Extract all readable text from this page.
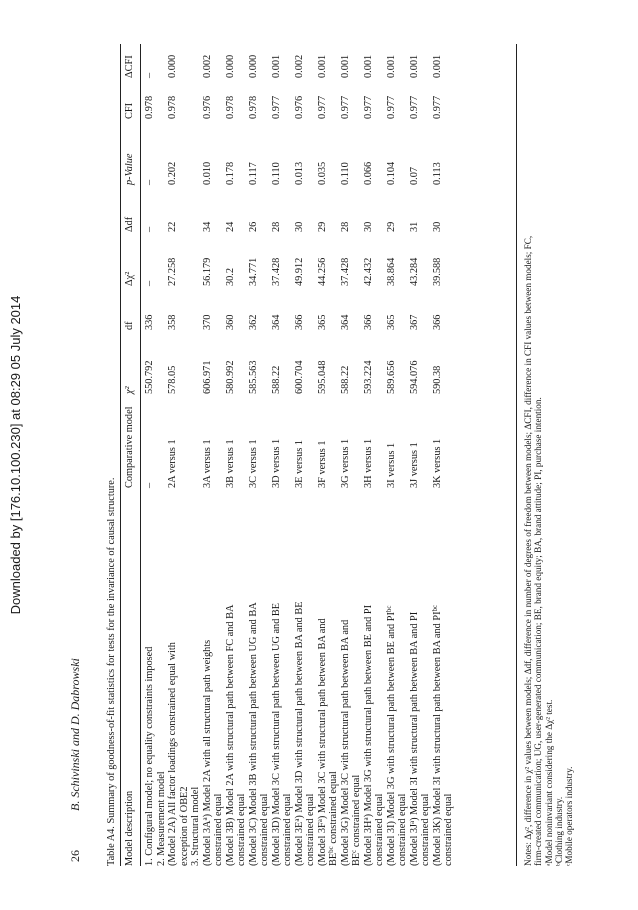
Downloaded by [176.10.100.230] at 08:29 05 July 2014
26
B. Schivinski and D. Dabrowski Table A4. Summary of goodness-of-fit statistics for tests for the invariance of causal structure. Model description
Comparative model
χ²
df
Δχ²
Δdf
p-Value
CFI
ΔCFI
1. Configural model; no equality constraints imposed
–
550.792
336
–
–
–
0.978
–
2. Measurement model (Model 2A) All factor loadings constrained equal with exception of OBE2
2A versus 1
578.05
358
27.258
22
0.202
0.978
0.000
3. Structural model (Model $3A^a$) Model 2A with all structural path weights
constrained equal
3A versus 1
606.971
370
56.179
34
0.010
0.976
0.002
(Model 3B) Model 2A with structural path between FC and BA constrained equal
3B versus 1
580.992
360
30.2
24
0.178
0.978
0.000
(Model 3C) Model 3B with structural path between UG and BA constrained equal
3C versus 1
585.563
362
34.771
26
0.117
0.978
0.000
(Model 3D) Model 3C with structural path between UG and BE constrained equal
3D versus 1
588.22
364
37.428
28
0.110
0.977
0.001
(Model $3E^a$) Model 3D with structural path between BA and BE
constrained equal
3E versus 1
600.704
366
49.912
30
0.013
0.976
0.002
(Model $3F^a$) Model 3C with structural path between BA and
$BE^{bc}$ constrained equal
3F versus 1
595.048
365
44.256
29
0.035
0.977
0.001
(Model 3G) Model 3C with structural path between BA and $BE^c$ constrained equal
3G versus 1
588.22
364
37.428
28
0.110
0.977
0.001
(Model $3H^a$) Model 3G with structural path between BE and PI
constrained equal
3H versus 1
593.224
366
42.432
30
0.066
0.977
0.001
(Model 3I) Model 3G with structural path between BE and $PI^{bc}$
constrained equal
3I versus 1
589.656
365
38.864
29
0.104
0.977
0.001
(Model $3J^a$) Model 3I with structural path between BA and PI
constrained equal
3J versus 1
594.076
367
43.284
31
0.07
0.977
0.001
(Model 3K) Model 3I with structural path between BA and $PI^{bc}$
constrained equal
3K versus 1
590.38
366
39.588
30
0.113
0.977
0.001
Notes: Δχ², difference in χ² values between models; Δdf, difference in number of degrees of freedom between models; ΔCFI, difference in CFI values between models; FC, firm-created communication; UG, user-generated communication; BE, brand equity; BA, brand attitude; PI, purchase intention. ᵃModel noninvariant considering the Δχ² test. ᵇClothing industry. ᶜMobile operators industry.
